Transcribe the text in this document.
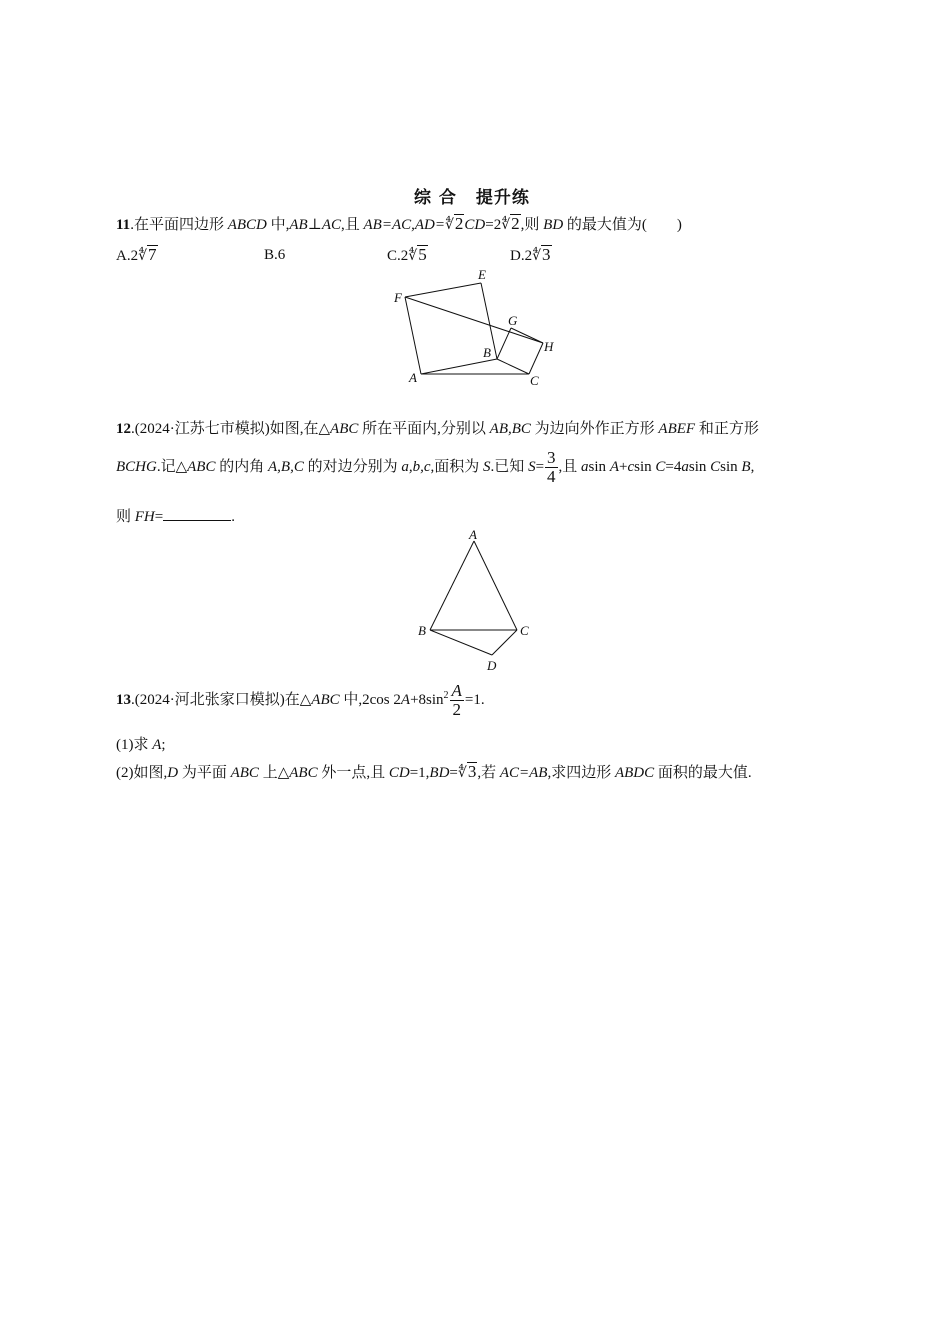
综 合 提升练
11.在平面四边形 ABCD 中,AB⊥AC,且 AB=AC,AD=∜2CD=2∜2,则 BD 的最大值为(　　)
A.2∜7	B.6	C.2∜5	D.2∜3
F
E
G
H
B
A	C
12.(2024·江苏七市模拟)如图,在△ABC 所在平面内,分别以 AB,BC 为边向外作正方形 ABEF 和正方形
BCHG.记△ABC 的内角 A,B,C 的对边分别为 a,b,c,面积为 S.已知 $S= \frac{3}{4}$ ,且 asin A+csin C=4asin Csin B,
则 FH=	.
A
B	C
D
13.(2024·河北张家口模拟)在△ABC 中,2cos $2A+8\sin^2 \frac{A}{2} =1$.
(1)求 A;
(2)如图,D 为平面 ABC 上△ABC 外一点,且 CD=1,BD=∜3,若 AC=AB,求四边形 ABDC 面积的最大值.
